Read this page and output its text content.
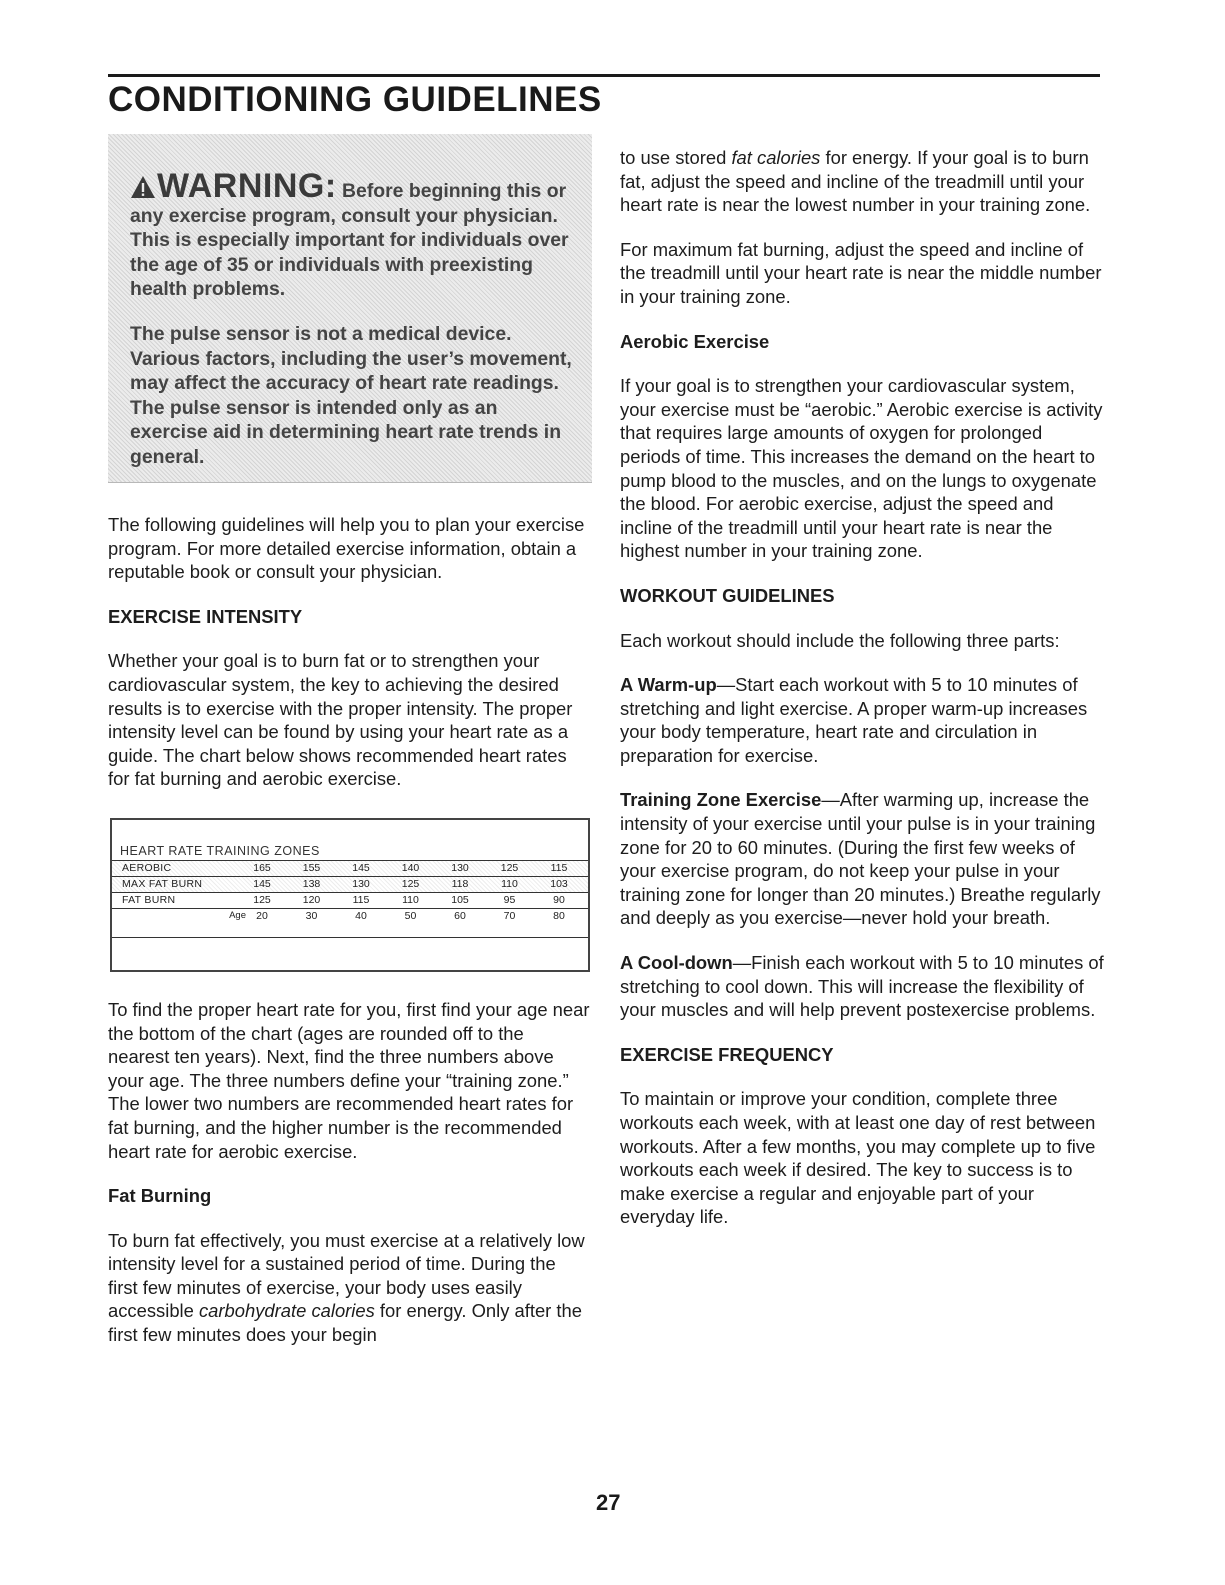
CONDITIONING GUIDELINES

WARNING: Before beginning this or any exercise program, consult your physician. This is especially important for individuals over the age of 35 or individuals with preexisting health problems.

The pulse sensor is not a medical device. Various factors, including the user’s movement, may affect the accuracy of heart rate readings. The pulse sensor is intended only as an exercise aid in determining heart rate trends in general.

The following guidelines will help you to plan your exercise program. For more detailed exercise information, obtain a reputable book or consult your physician.

EXERCISE INTENSITY

Whether your goal is to burn fat or to strengthen your cardiovascular system, the key to achieving the desired results is to exercise with the proper intensity. The proper intensity level can be found by using your heart rate as a guide. The chart below shows recommended heart rates for fat burning and aerobic exercise.

HEART RATE TRAINING ZONES
AEROBIC	165	155	145	140	130	125	115
MAX FAT BURN	145	138	130	125	118	110	103
FAT BURN	125	120	115	110	105	95	90
Age 20	30	40	50	60	70	80

To find the proper heart rate for you, first find your age near the bottom of the chart (ages are rounded off to the nearest ten years). Next, find the three numbers above your age. The three numbers define your “training zone.” The lower two numbers are recommended heart rates for fat burning, and the higher number is the recommended heart rate for aerobic exercise.

Fat Burning

To burn fat effectively, you must exercise at a relatively low intensity level for a sustained period of time. During the first few minutes of exercise, your body uses easily accessible carbohydrate calories for energy. Only after the first few minutes does your begin

to use stored fat calories for energy. If your goal is to burn fat, adjust the speed and incline of the treadmill until your heart rate is near the lowest number in your training zone.

For maximum fat burning, adjust the speed and incline of the treadmill until your heart rate is near the middle number in your training zone.

Aerobic Exercise

If your goal is to strengthen your cardiovascular system, your exercise must be “aerobic.” Aerobic exercise is activity that requires large amounts of oxygen for prolonged periods of time. This increases the demand on the heart to pump blood to the muscles, and on the lungs to oxygenate the blood. For aerobic exercise, adjust the speed and incline of the treadmill until your heart rate is near the highest number in your training zone.

WORKOUT GUIDELINES

Each workout should include the following three parts:

A Warm-up—Start each workout with 5 to 10 minutes of stretching and light exercise. A proper warm-up increases your body temperature, heart rate and circulation in preparation for exercise.

Training Zone Exercise—After warming up, increase the intensity of your exercise until your pulse is in your training zone for 20 to 60 minutes. (During the first few weeks of your exercise program, do not keep your pulse in your training zone for longer than 20 minutes.) Breathe regularly and deeply as you exercise—never hold your breath.

A Cool-down—Finish each workout with 5 to 10 minutes of stretching to cool down. This will increase the flexibility of your muscles and will help prevent postexercise problems.

EXERCISE FREQUENCY

To maintain or improve your condition, complete three workouts each week, with at least one day of rest between workouts. After a few months, you may complete up to five workouts each week if desired. The key to success is to make exercise a regular and enjoyable part of your everyday life.

27
